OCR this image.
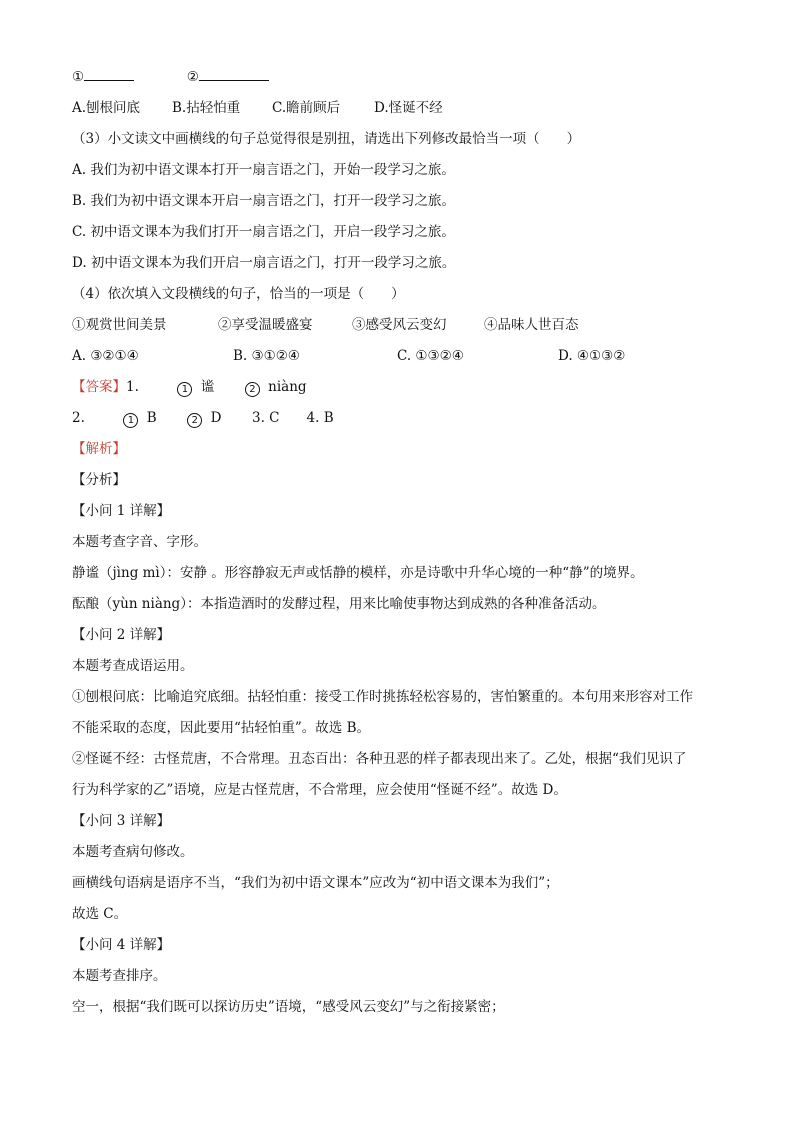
①	②
A.刨根问底 B.拈轻怕重 C.瞻前顾后	D.怪诞不经
（3）小文读文中画横线的句子总觉得很是别扭，请选出下列修改最恰当一项（　　）
A. 我们为初中语文课本打开一扇言语之门，开始一段学习之旅。
B. 我们为初中语文课本开启一扇言语之门，打开一段学习之旅。
C. 初中语文课本为我们打开一扇言语之门，开启一段学习之旅。
D. 初中语文课本为我们开启一扇言语之门，打开一段学习之旅。
（4）依次填入文段横线的句子，恰当的一项是（　　）
①观赏世间美景	②享受温暖盛宴	③感受风云变幻	④品味人世百态
A. ③②①④	B. ③①②④	C. ①③②④	D. ④①③②
【答案】1.	1 谧	2 niàng
2.	1 B	2 D 3. C　　4. B
【解析】
【分析】
【小问 1 详解】
本题考查字音、字形。
静谧（jìng mì）：安静 。形容静寂无声或恬静的模样，亦是诗歌中升华心境的一种“静”的境界。
酝酿（yùn niàng）：本指造酒时的发酵过程，用来比喻使事物达到成熟的各种准备活动。
【小问 2 详解】
本题考查成语运用。
①刨根问底：比喻追究底细。拈轻怕重：接受工作时挑拣轻松容易的，害怕繁重的。本句用来形容对工作
不能采取的态度，因此要用“拈轻怕重”。故选 B。
②怪诞不经：古怪荒唐，不合常理。丑态百出：各种丑恶的样子都表现出来了。乙处，根据“我们见识了
行为科学家的乙”语境，应是古怪荒唐，不合常理，应会使用“怪诞不经”。故选 D。
【小问 3 详解】
本题考查病句修改。
画横线句语病是语序不当，“我们为初中语文课本”应改为“初中语文课本为我们”；
故选 C。
【小问 4 详解】
本题考查排序。
空一，根据“我们既可以探访历史”语境，“感受风云变幻”与之衔接紧密；
